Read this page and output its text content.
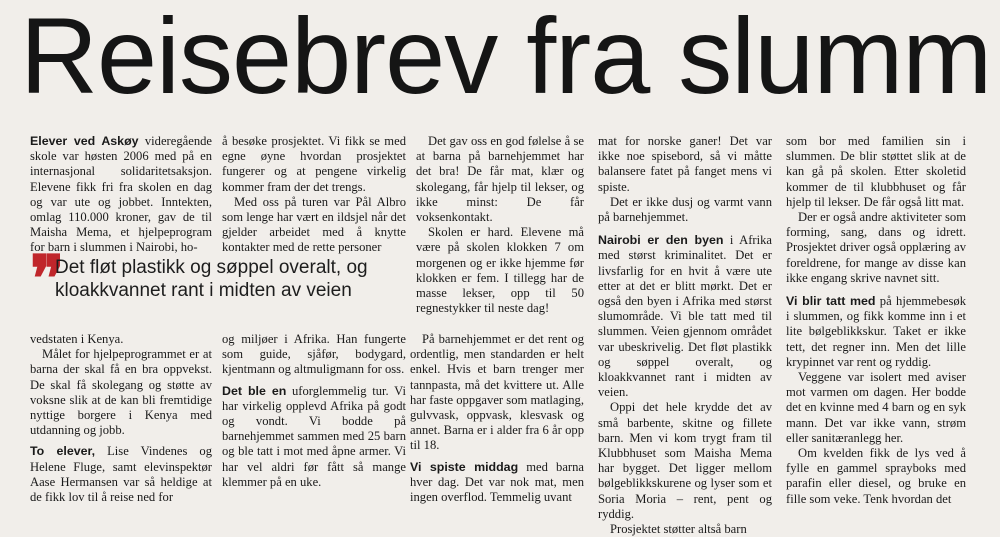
Reisebrev fra slumm

Elever ved Askøy videregående skole var høsten 2006 med på en internasjonal solidaritetsaksjon. Elevene fikk fri fra skolen en dag og var ute og jobbet. Inntekten, omlag 110.000 kroner, gav de til Maisha Mema, et hjelpeprogram for barn i slummen i Nairobi, ho-

❞
Det fløt plastikk og søppel overalt, og kloakkvannet rant i midten av veien

vedstaten i Kenya.

Målet for hjelpeprogrammet er at barna der skal få en bra oppvekst. De skal få skolegang og støtte av voksne slik at de kan bli fremtidige nyttige borgere i Kenya med utdanning og jobb.

To elever, Lise Vindenes og Helene Fluge, samt elevinspektør Aase Hermansen var så heldige at de fikk lov til å reise ned for

å besøke prosjektet. Vi fikk se med egne øyne hvordan prosjektet fungerer og at pengene virkelig kommer fram der det trengs.

Med oss på turen var Pål Albro som lenge har vært en ildsjel når det gjelder arbeidet med å knytte kontakter med de rette personer

og miljøer i Afrika. Han fungerte som guide, sjåfør, bodygard, kjentmann og altmuligmann for oss.

Det ble en uforglemmelig tur. Vi har virkelig opplevd Afrika på godt og vondt. Vi bodde på barnehjemmet sammen med 25 barn og ble tatt i mot med åpne armer. Vi har vel aldri før fått så mange klemmer på en uke.

Det gav oss en god følelse å se at barna på barnehjemmet har det bra! De får mat, klær og skolegang, får hjelp til lekser, og ikke minst: De får voksenkontakt.

Skolen er hard. Elevene må være på skolen klokken 7 om morgenen og er ikke hjemme før klokken er fem. I tillegg har de masse lekser, opp til 50 regnestykker til neste dag!

På barnehjemmet er det rent og ordentlig, men standarden er helt enkel. Hvis et barn trenger mer tannpasta, må det kvittere ut. Alle har faste oppgaver som matlaging, gulvvask, oppvask, klesvask og annet. Barna er i alder fra 6 år opp til 18.

Vi spiste middag med barna hver dag. Det var nok mat, men ingen overflod. Temmelig uvant

mat for norske ganer! Det var ikke noe spisebord, så vi måtte balansere fatet på fanget mens vi spiste.

Det er ikke dusj og varmt vann på barnehjemmet.

Nairobi er den byen i Afrika med størst kriminalitet. Det er livsfarlig for en hvit å være ute etter at det er blitt mørkt. Det er også den byen i Afrika med størst slumområde. Vi ble tatt med til slummen. Veien gjennom området var ubeskrivelig. Det fløt plastikk og søppel overalt, og kloakkvannet rant i midten av veien.

Oppi det hele krydde det av små barbente, skitne og fillete barn. Men vi kom trygt fram til Klubbhuset som Maisha Mema har bygget. Det ligger mellom bølgeblikkskurene og lyser som et Soria Moria – rent, pent og ryddig.

Prosjektet støtter altså barn

som bor med familien sin i slummen. De blir støttet slik at de kan gå på skolen. Etter skoletid kommer de til klubbhuset og får hjelp til lekser. De får også litt mat.

Der er også andre aktiviteter som forming, sang, dans og idrett. Prosjektet driver også opplæring av foreldrene, for mange av disse kan ikke engang skrive navnet sitt.

Vi blir tatt med på hjemmebesøk i slummen, og fikk komme inn i et lite bølgeblikkskur. Taket er ikke tett, det regner inn. Men det lille krypinnet var rent og ryddig.

Veggene var isolert med aviser mot varmen om dagen. Her bodde det en kvinne med 4 barn og en syk mann. Det var ikke vann, strøm eller sanitæranlegg her.

Om kvelden fikk de lys ved å fylle en gammel sprayboks med parafin eller diesel, og bruke en fille som veke. Tenk hvordan det
